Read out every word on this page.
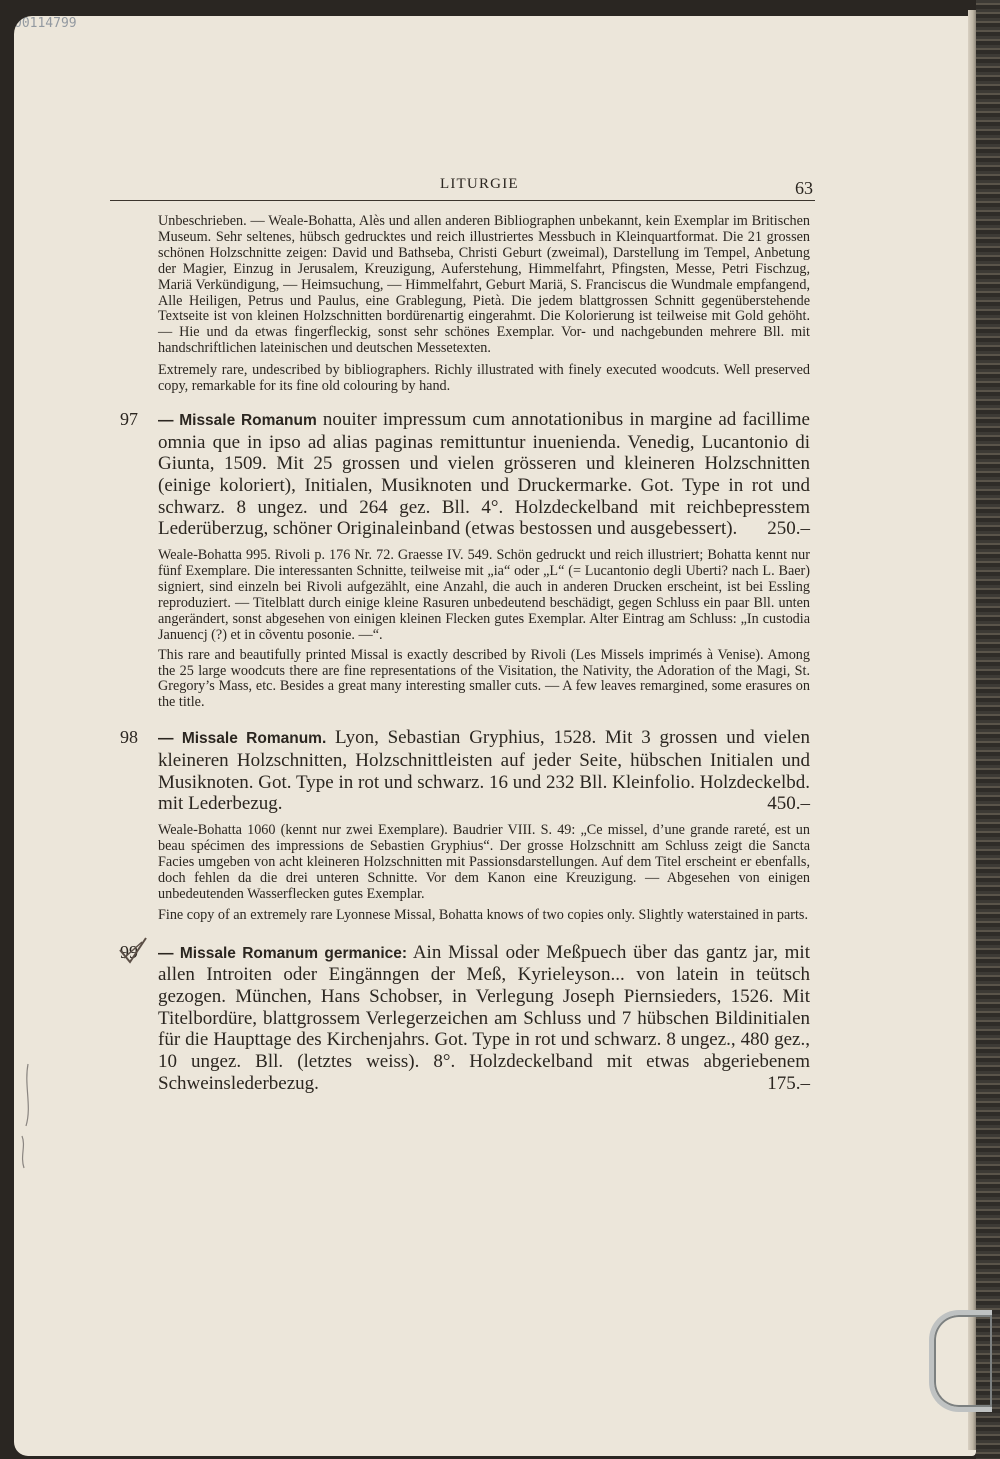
00114799
LITURGIE	63

Unbeschrieben. — Weale-Bohatta, Alès und allen anderen Bibliographen unbekannt, kein Exemplar im Britischen Museum. Sehr seltenes, hübsch gedrucktes und reich illustriertes Messbuch in Kleinquartformat. Die 21 grossen schönen Holzschnitte zeigen: David und Bathseba, Christi Geburt (zweimal), Darstellung im Tempel, Anbetung der Magier, Einzug in Jerusalem, Kreuzigung, Auferstehung, Himmelfahrt, Pfingsten, Messe, Petri Fischzug, Mariä Verkündigung, — Heimsuchung, — Himmelfahrt, Geburt Mariä, S. Franciscus die Wundmale empfangend, Alle Heiligen, Petrus und Paulus, eine Grablegung, Pietà. Die jedem blattgrossen Schnitt gegenüberstehende Textseite ist von kleinen Holzschnitten bordürenartig eingerahmt. Die Kolorierung ist teilweise mit Gold gehöht. — Hie und da etwas fingerfleckig, sonst sehr schönes Exemplar. Vor- und nachgebunden mehrere Bll. mit handschriftlichen lateinischen und deutschen Messetexten.

Extremely rare, undescribed by bibliographers. Richly illustrated with finely executed woodcuts. Well preserved copy, remarkable for its fine old colouring by hand.

97 — Missale Romanum nouiter impressum cum annotationibus in margine ad facillime omnia que in ipso ad alias paginas remittuntur inuenienda. Venedig, Lucantonio di Giunta, 1509. Mit 25 grossen und vielen grösseren und kleineren Holzschnitten (einige koloriert), Initialen, Musiknoten und Druckermarke. Got. Type in rot und schwarz. 8 ungez. und 264 gez. Bll. 4°. Holzdeckelband mit reichbepresstem Lederüberzug, schöner Originaleinband (etwas bestossen und ausgebessert). 250.–

Weale-Bohatta 995. Rivoli p. 176 Nr. 72. Graesse IV. 549. Schön gedruckt und reich illustriert; Bohatta kennt nur fünf Exemplare. Die interessanten Schnitte, teilweise mit „ia“ oder „L“ (= Lucantonio degli Uberti? nach L. Baer) signiert, sind einzeln bei Rivoli aufgezählt, eine Anzahl, die auch in anderen Drucken erscheint, ist bei Essling reproduziert. — Titelblatt durch einige kleine Rasuren unbedeutend beschädigt, gegen Schluss ein paar Bll. unten angerändert, sonst abgesehen von einigen kleinen Flecken gutes Exemplar. Alter Eintrag am Schluss: „In custodia Januencj (?) et in cõventu posonie. —“.

This rare and beautifully printed Missal is exactly described by Rivoli (Les Missels imprimés à Venise). Among the 25 large woodcuts there are fine representations of the Visitation, the Nativity, the Adoration of the Magi, St. Gregory’s Mass, etc. Besides a great many interesting smaller cuts. — A few leaves remargined, some erasures on the title.

98 — Missale Romanum. Lyon, Sebastian Gryphius, 1528. Mit 3 grossen und vielen kleineren Holzschnitten, Holzschnittleisten auf jeder Seite, hübschen Initialen und Musiknoten. Got. Type in rot und schwarz. 16 und 232 Bll. Kleinfolio. Holzdeckelbd. mit Lederbezug.	450.–

Weale-Bohatta 1060 (kennt nur zwei Exemplare). Baudrier VIII. S. 49: „Ce missel, d’une grande rareté, est un beau spécimen des impressions de Sebastien Gryphius“. Der grosse Holzschnitt am Schluss zeigt die Sancta Facies umgeben von acht kleineren Holzschnitten mit Passionsdarstellungen. Auf dem Titel erscheint er ebenfalls, doch fehlen da die drei unteren Schnitte. Vor dem Kanon eine Kreuzigung. — Abgesehen von einigen unbedeutenden Wasserflecken gutes Exemplar.

Fine copy of an extremely rare Lyonnese Missal, Bohatta knows of two copies only. Slightly waterstained in parts.

99 — Missale Romanum germanice: Ain Missal oder Meßpuech über das gantz jar, mit allen Introiten oder Eingänngen der Meß, Kyrieleyson... von latein in teütsch gezogen. München, Hans Schobser, in Verlegung Joseph Piernsieders, 1526. Mit Titelbordüre, blattgrossem Verlegerzeichen am Schluss und 7 hübschen Bildinitialen für die Haupttage des Kirchenjahrs. Got. Type in rot und schwarz. 8 ungez., 480 gez., 10 ungez. Bll. (letztes weiss). 8°. Holzdeckelband mit etwas abgeriebenem Schweinslederbezug.	175.–
